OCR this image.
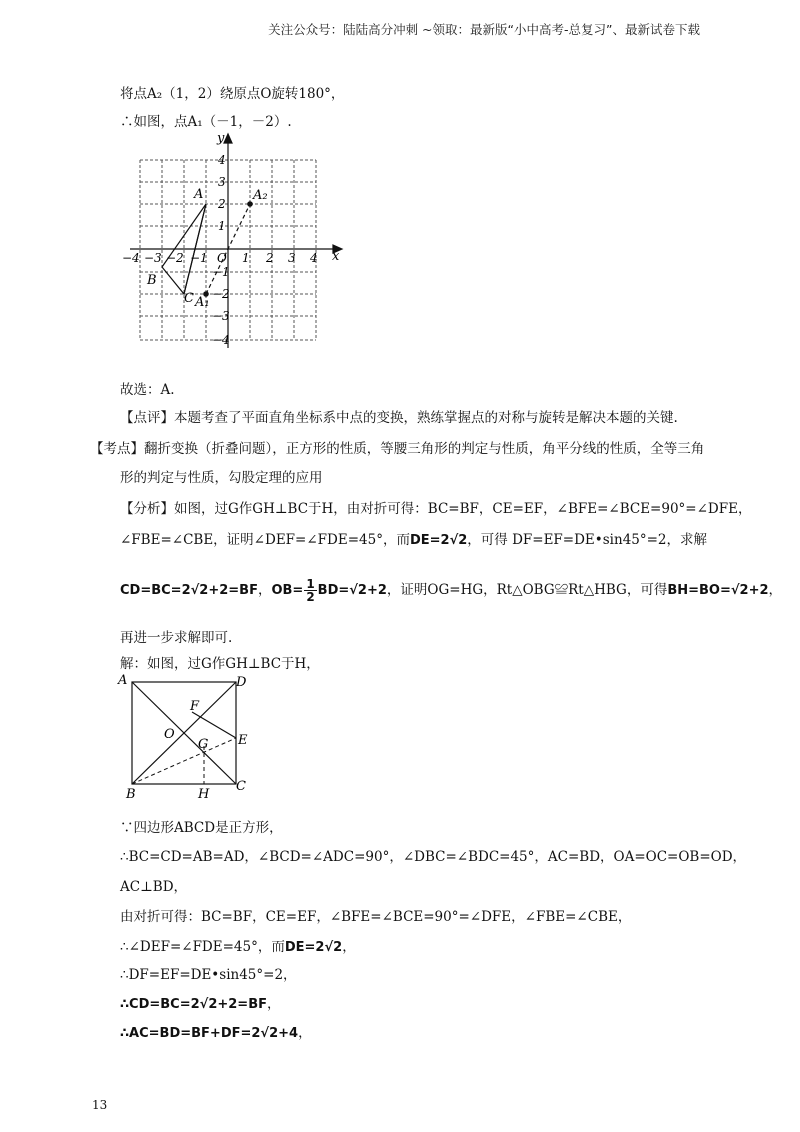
关注公众号：陆陆高分冲刺 ~领取：最新版“小中高考-总复习”、最新试卷下载
将点A₂（1，2）绕原点O旋转180°，
∴如图，点A₁（－1，－2）.
x
y
O
−4 −3 −2 −1	1 2 3 4
4
3
2
1
−1
−2
−3
−4
A	A₂
B
C A₁
故选：A.
【点评】本题考查了平面直角坐标系中点的变换，熟练掌握点的对称与旋转是解决本题的关键.
【考点】翻折变换（折叠问题），正方形的性质，等腰三角形的判定与性质，角平分线的性质，全等三角
形的判定与性质，勾股定理的应用
【分析】如图，过G作GH⊥BC于H，由对折可得：BC=BF，CE=EF，∠BFE=∠BCE=90°=∠DFE，
∠FBE=∠CBE，证明∠DEF=∠FDE=45°，而DE=2√2，可得 DF=EF=DE•sin45°=2，求解
CD=BC=2√2+2=BF，$OB= \frac{1}{2} BD=√2+2$，证明OG=HG，Rt△OBG≌Rt△HBG，可得BH=BO=√2+2，
再进一步求解即可.
解：如图，过G作GH⊥BC于H，
A	D
B
C
E
F
G
H
O
∵四边形ABCD是正方形，
∴BC=CD=AB=AD，∠BCD=∠ADC=90°，∠DBC=∠BDC=45°，AC=BD，OA=OC=OB=OD，
AC⊥BD，
由对折可得：BC=BF，CE=EF，∠BFE=∠BCE=90°=∠DFE，∠FBE=∠CBE，
∴∠DEF=∠FDE=45°，而DE=2√2，
∴DF=EF=DE•sin45°=2，
∴CD=BC=2√2+2=BF，
∴AC=BD=BF+DF=2√2+4，
13
